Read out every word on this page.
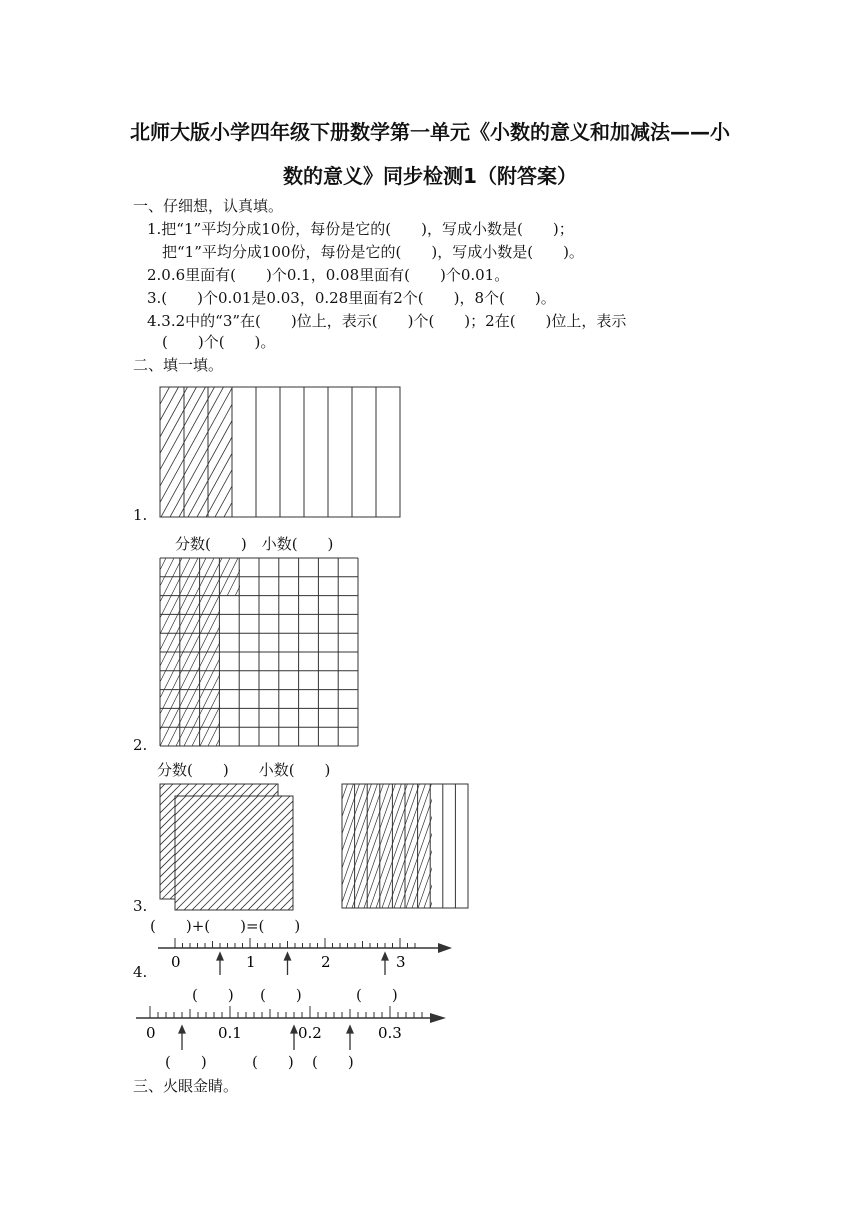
北师大版小学四年级下册数学第一单元《小数的意义和加减法——小
数的意义》同步检测1（附答案）
一、仔细想，认真填。
1.把“1”平均分成10份，每份是它的(　　)，写成小数是(　　)；
把“1”平均分成100份，每份是它的(　　)，写成小数是(　　)。
2.0.6里面有(　　)个0.1，0.08里面有(　　)个0.01。
3.(　　)个0.01是0.03，0.28里面有2个(　　)，8个(　　)。
4.3.2中的“3”在(　　)位上，表示(　　)个(　　)；2在(　　)位上，表示
(　　)个(　　)。
二、填一填。
1.
分数(　　)　小数(　　)
2.
分数(　　)　　小数(　　)
3.
(　　)+(　　)=(　　)
4.
0	1	2	3
(　　) (　　)	(　　)
0	0.1	0.2	0.3
(　　)	(　　) (　　)
三、火眼金睛。
